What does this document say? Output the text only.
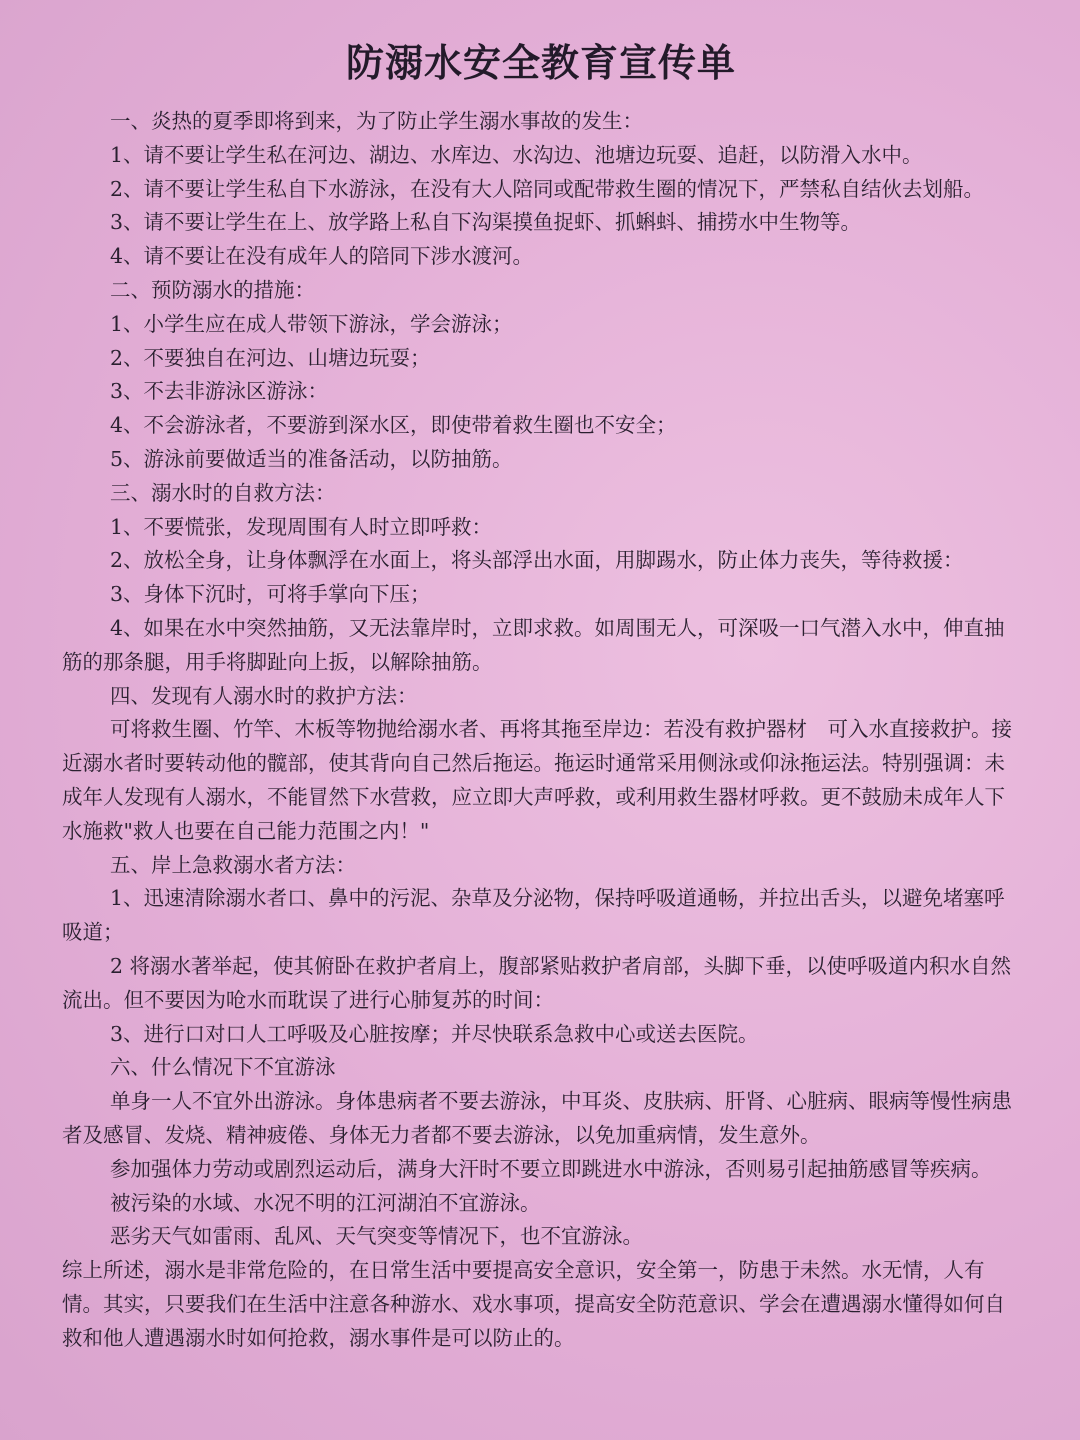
防溺水安全教育宣传单
一、炎热的夏季即将到来，为了防止学生溺水事故的发生：
1、请不要让学生私在河边、湖边、水库边、水沟边、池塘边玩耍、追赶，以防滑入水中。
2、请不要让学生私自下水游泳，在没有大人陪同或配带救生圈的情况下，严禁私自结伙去划船。
3、请不要让学生在上、放学路上私自下沟渠摸鱼捉虾、抓蝌蚪、捕捞水中生物等。
4、请不要让在没有成年人的陪同下涉水渡河。
二、预防溺水的措施：
1、小学生应在成人带领下游泳，学会游泳；
2、不要独自在河边、山塘边玩耍；
3、不去非游泳区游泳：
4、不会游泳者，不要游到深水区，即使带着救生圈也不安全；
5、游泳前要做适当的准备活动，以防抽筋。
三、溺水时的自救方法：
1、不要慌张，发现周围有人时立即呼救：
2、放松全身，让身体飘浮在水面上，将头部浮出水面，用脚踢水，防止体力丧失，等待救援：
3、身体下沉时，可将手掌向下压；
4、如果在水中突然抽筋，又无法靠岸时，立即求救。如周围无人，可深吸一口气潜入水中，伸直抽筋的那条腿，用手将脚趾向上扳，以解除抽筋。
四、发现有人溺水时的救护方法：
可将救生圈、竹竿、木板等物抛给溺水者、再将其拖至岸边：若没有救护器材　可入水直接救护。接近溺水者时要转动他的髋部，使其背向自己然后拖运。拖运时通常采用侧泳或仰泳拖运法。特别强调：未成年人发现有人溺水，不能冒然下水营救，应立即大声呼救，或利用救生器材呼救。更不鼓励未成年人下水施救"救人也要在自己能力范围之内！"
五、岸上急救溺水者方法：
1、迅速清除溺水者口、鼻中的污泥、杂草及分泌物，保持呼吸道通畅，并拉出舌头，以避免堵塞呼吸道；
2 将溺水著举起，使其俯卧在救护者肩上，腹部紧贴救护者肩部，头脚下垂，以使呼吸道内积水自然流出。但不要因为呛水而耽误了进行心肺复苏的时间：
3、进行口对口人工呼吸及心脏按摩；并尽快联系急救中心或送去医院。
六、什么情况下不宜游泳
单身一人不宜外出游泳。身体患病者不要去游泳，中耳炎、皮肤病、肝肾、心脏病、眼病等慢性病患者及感冒、发烧、精神疲倦、身体无力者都不要去游泳，以免加重病情，发生意外。
参加强体力劳动或剧烈运动后，满身大汗时不要立即跳进水中游泳，否则易引起抽筋感冒等疾病。
被污染的水域、水况不明的江河湖泊不宜游泳。
恶劣天气如雷雨、乱风、天气突变等情况下，也不宜游泳。
综上所述，溺水是非常危险的，在日常生活中要提高安全意识，安全第一，防患于未然。水无情，人有情。其实，只要我们在生活中注意各种游水、戏水事项，提高安全防范意识、学会在遭遇溺水懂得如何自救和他人遭遇溺水时如何抢救，溺水事件是可以防止的。
